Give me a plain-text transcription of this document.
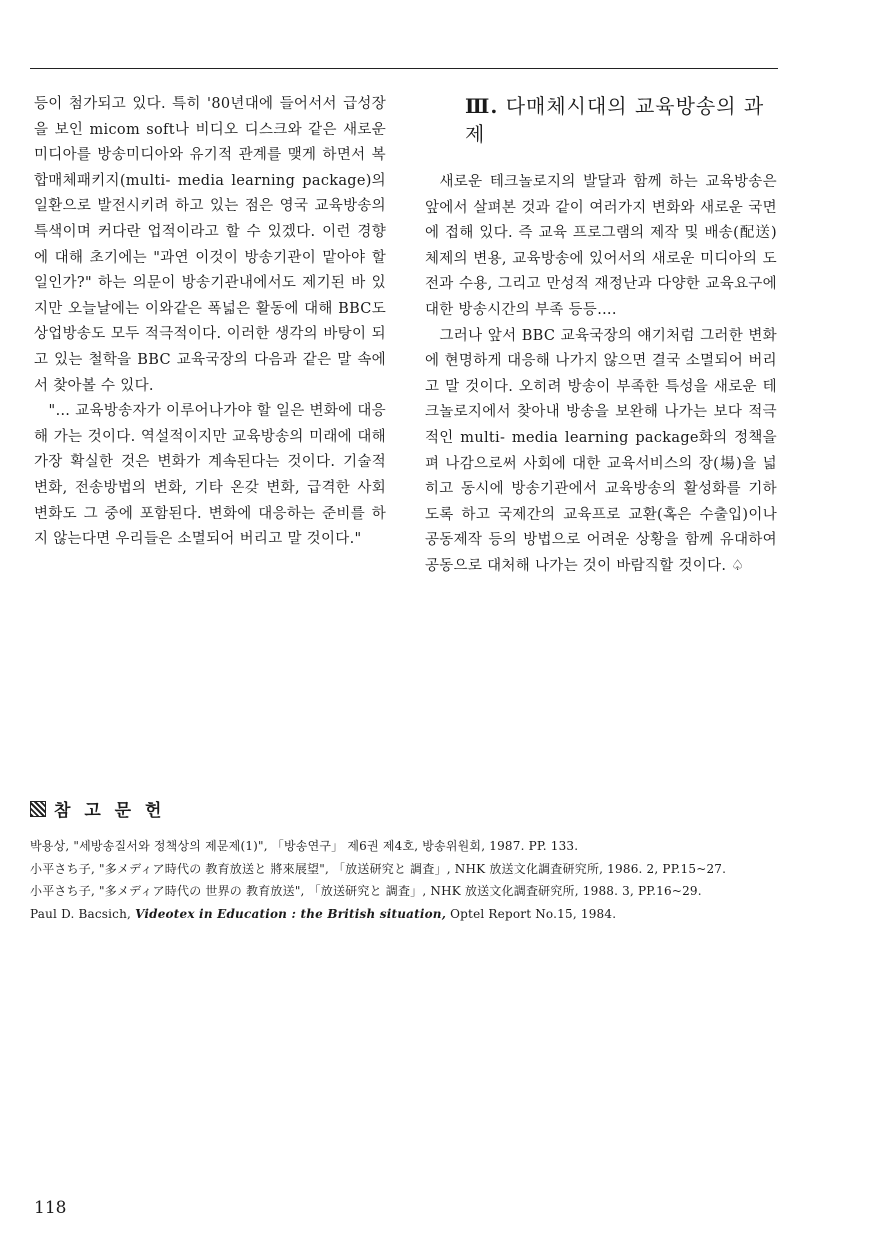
등이 첨가되고 있다. 특히 '80년대에 들어서서 급성장을 보인 micom soft나 비디오 디스크와 같은 새로운 미디아를 방송미디아와 유기적 관계를 맺게 하면서 복합매체패키지(multi- media learning package)의 일환으로 발전시키려 하고 있는 점은 영국 교육방송의 특색이며 커다란 업적이라고 할 수 있겠다. 이런 경향에 대해 초기에는 "과연 이것이 방송기관이 맡아야 할 일인가?" 하는 의문이 방송기관내에서도 제기된 바 있지만 오늘날에는 이와같은 폭넓은 활동에 대해 BBC도 상업방송도 모두 적극적이다. 이러한 생각의 바탕이 되고 있는 철학을 BBC 교육국장의 다음과 같은 말 속에서 찾아볼 수 있다.

"… 교육방송자가 이루어나가야 할 일은 변화에 대응해 가는 것이다. 역설적이지만 교육방송의 미래에 대해 가장 확실한 것은 변화가 계속된다는 것이다. 기술적 변화, 전송방법의 변화, 기타 온갖 변화, 급격한 사회 변화도 그 중에 포함된다. 변화에 대응하는 준비를 하지 않는다면 우리들은 소멸되어 버리고 말 것이다."

Ⅲ. 다매체시대의 교육방송의 과제

새로운 테크놀로지의 발달과 함께 하는 교육방송은 앞에서 살펴본 것과 같이 여러가지 변화와 새로운 국면에 접해 있다. 즉 교육 프로그램의 제작 및 배송(配送)체제의 변용, 교육방송에 있어서의 새로운 미디아의 도전과 수용, 그리고 만성적 재정난과 다양한 교육요구에 대한 방송시간의 부족 등등….

그러나 앞서 BBC 교육국장의 얘기처럼 그러한 변화에 현명하게 대응해 나가지 않으면 결국 소멸되어 버리고 말 것이다. 오히려 방송이 부족한 특성을 새로운 테크놀로지에서 찾아내 방송을 보완해 나가는 보다 적극적인 multi- media learning package화의 정책을 펴 나감으로써 사회에 대한 교육서비스의 장(場)을 넓히고 동시에 방송기관에서 교육방송의 활성화를 기하도록 하고 국제간의 교육프로 교환(혹은 수출입)이나 공동제작 등의 방법으로 어려운 상황을 함께 유대하여 공동으로 대처해 나가는 것이 바람직할 것이다. ♤

참 고 문 헌

박용상, "세방송질서와 정책상의 제문제(1)", 「방송연구」 제6권 제4호, 방송위원회, 1987. PP. 133.

小平さち子, "多メディア時代の 教育放送と 將來展望", 「放送研究と 調査」, NHK 放送文化調査研究所, 1986. 2, PP.15~27.

小平さち子, "多メディア時代の 世界の 教育放送", 「放送研究と 調査」, NHK 放送文化調査研究所, 1988. 3, PP.16~29.

Paul D. Bacsich, Videotex in Education : the British situation, Optel Report No.15, 1984.

118
